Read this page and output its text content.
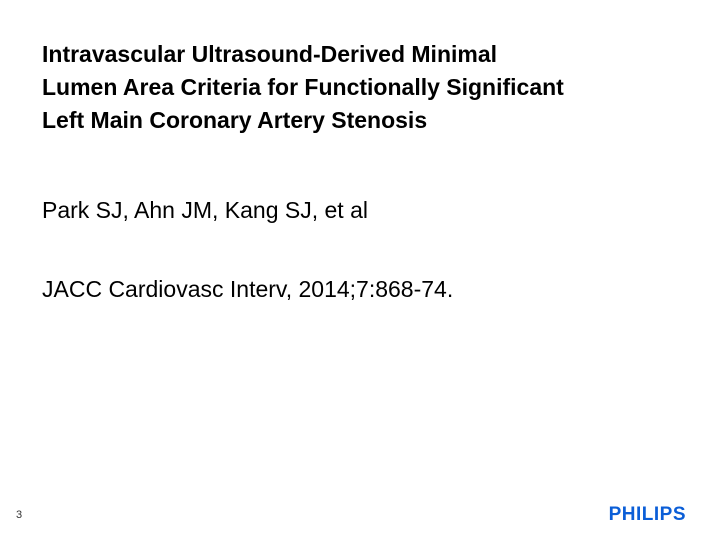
Intravascular Ultrasound-Derived Minimal
Lumen Area Criteria for Functionally Significant
Left Main Coronary Artery Stenosis

Park SJ, Ahn JM, Kang SJ, et al

JACC Cardiovasc Interv, 2014;7:868-74.

3	PHILIPS
